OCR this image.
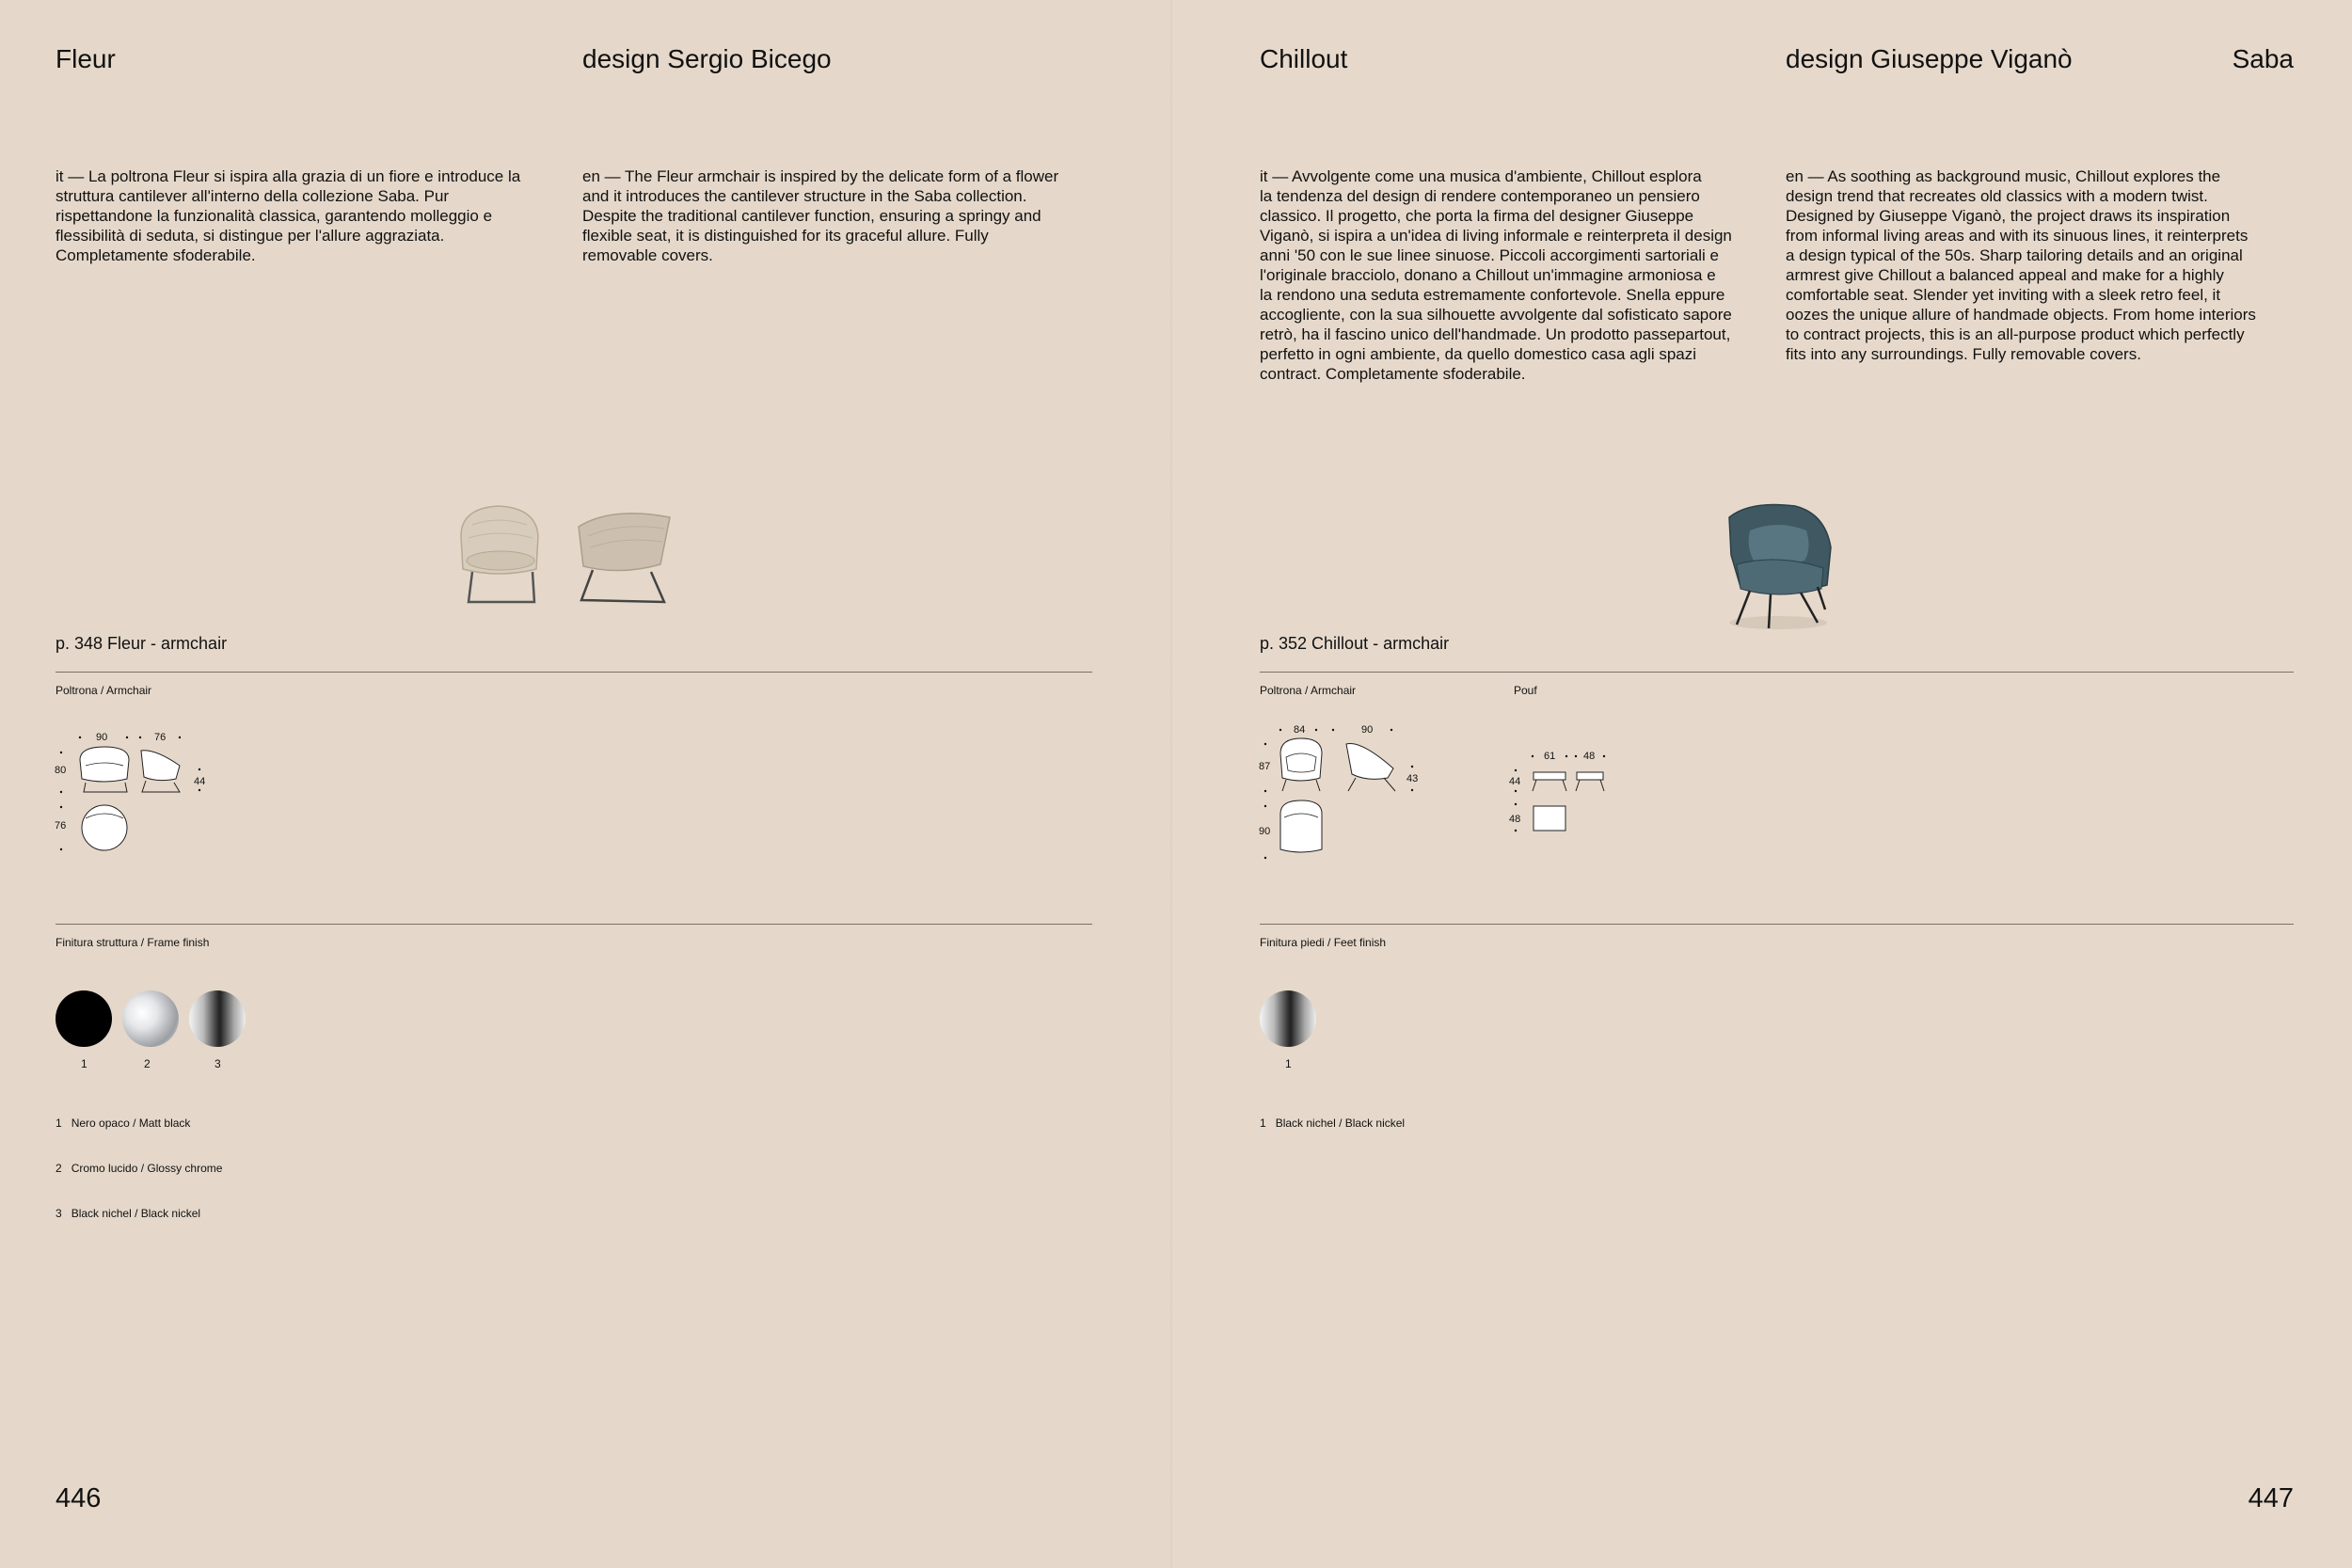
Fleur	design Sergio Bicego
it — La poltrona Fleur si ispira alla grazia di un fiore e introduce la
struttura cantilever all'interno della collezione Saba. Pur
rispettandone la funzionalità classica, garantendo molleggio e
flessibilità di seduta, si distingue per l'allure aggraziata.
Completamente sfoderabile.
en — The Fleur armchair is inspired by the delicate form of a flower
and it introduces the cantilever structure in the Saba collection.
Despite the traditional cantilever function, ensuring a springy and
flexible seat, it is distinguished for its graceful allure. Fully
removable covers.
p. 348 Fleur - armchair
Poltrona / Armchair
90	76
80
44
76
Finitura struttura / Frame finish
1	2	3

1 Nero opaco / Matt black

2 Cromo lucido / Glossy chrome

3 Black nichel / Black nickel

446
Chillout	design Giuseppe Viganò	Saba
it — Avvolgente come una musica d'ambiente, Chillout esplora
la tendenza del design di rendere contemporaneo un pensiero
classico. Il progetto, che porta la firma del designer Giuseppe
Viganò, si ispira a un'idea di living informale e reinterpreta il design
anni '50 con le sue linee sinuose. Piccoli accorgimenti sartoriali e
l'originale bracciolo, donano a Chillout un'immagine armoniosa e
la rendono una seduta estremamente confortevole. Snella eppure
accogliente, con la sua silhouette avvolgente dal sofisticato sapore
retrò, ha il fascino unico dell'handmade. Un prodotto passepartout,
perfetto in ogni ambiente, da quello domestico casa agli spazi
contract. Completamente sfoderabile.
en — As soothing as background music, Chillout explores the
design trend that recreates old classics with a modern twist.
Designed by Giuseppe Viganò, the project draws its inspiration
from informal living areas and with its sinuous lines, it reinterprets
a design typical of the 50s. Sharp tailoring details and an original
armrest give Chillout a balanced appeal and make for a highly
comfortable seat. Slender yet inviting with a sleek retro feel, it
oozes the unique allure of handmade objects. From home interiors
to contract projects, this is an all-purpose product which perfectly
fits into any surroundings. Fully removable covers.
p. 352 Chillout - armchair
Poltrona / Armchair	Pouf
84	90
87
43
90
61	48
44
48
Finitura piedi / Feet finish
1

1 Black nichel / Black nickel

447
